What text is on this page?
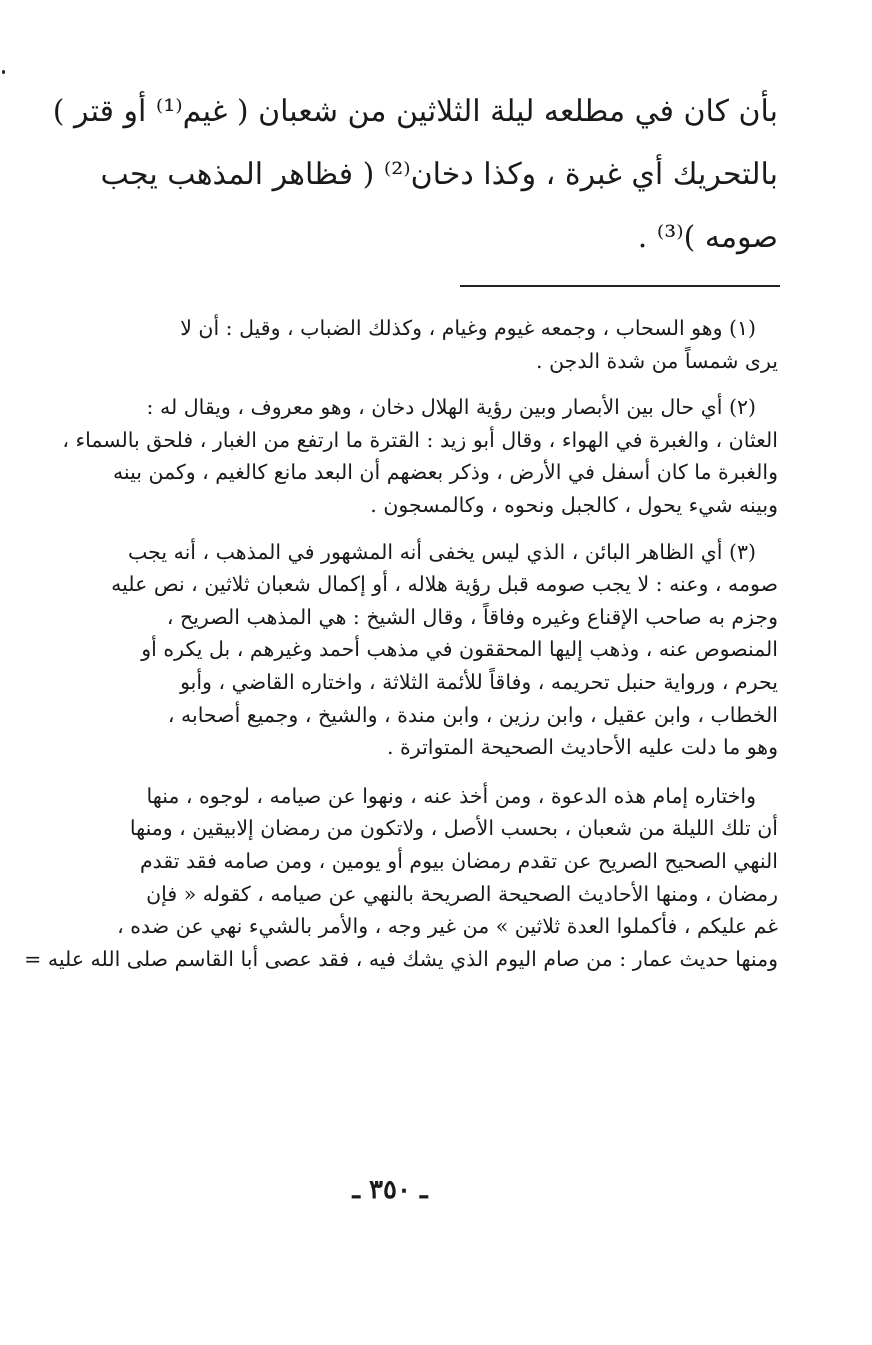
بأن كان في مطلعه ليلة الثلاثين من شعبان ( غيم⁽¹⁾ أو قتر )
بالتحريك أي غبرة ، وكذا دخان⁽²⁾ ( فظاهر المذهب يجب
صومه )⁽³⁾ .
(١) وهو السحاب ، وجمعه غيوم وغيام ، وكذلك الضباب ، وقيل : أن لا
يرى شمساً من شدة الدجن .
(٢) أي حال بين الأبصار وبين رؤية الهلال دخان ، وهو معروف ، ويقال له :
العثان ، والغبرة في الهواء ، وقال أبو زيد : القترة ما ارتفع من الغبار ، فلحق بالسماء ،
والغبرة ما كان أسفل في الأرض ، وذكر بعضهم أن البعد مانع كالغيم ، وكمن بينه
وبينه شيء يحول ، كالجبل ونحوه ، وكالمسجون .
(٣) أي الظاهر البائن ، الذي ليس يخفى أنه المشهور في المذهب ، أنه يجب
صومه ، وعنه : لا يجب صومه قبل رؤية هلاله ، أو إكمال شعبان ثلاثين ، نص عليه
وجزم به صاحب الإقناع وغيره وفاقاً ، وقال الشيخ : هي المذهب الصريح ،
المنصوص عنه ، وذهب إليها المحققون في مذهب أحمد وغيرهم ، بل يكره أو
يحرم ، ورواية حنبل تحريمه ، وفاقاً للأئمة الثلاثة ، واختاره القاضي ، وأبو
الخطاب ، وابن عقيل ، وابن رزين ، وابن مندة ، والشيخ ، وجميع أصحابه ،
وهو ما دلت عليه الأحاديث الصحيحة المتواترة .
واختاره إمام هذه الدعوة ، ومن أخذ عنه ، ونهوا عن صيامه ، لوجوه ، منها
أن تلك الليلة من شعبان ، بحسب الأصل ، ولاتكون من رمضان إلابيقين ، ومنها
النهي الصحيح الصريح عن تقدم رمضان بيوم أو يومين ، ومن صامه فقد تقدم
رمضان ، ومنها الأحاديث الصحيحة الصريحة بالنهي عن صيامه ، كقوله « فإن
غم عليكم ، فأكملوا العدة ثلاثين » من غير وجه ، والأمر بالشيء نهي عن ضده ،
ومنها حديث عمار : من صام اليوم الذي يشك فيه ، فقد عصى أبا القاسم صلى الله عليه =
ـ ٣٥٠ ـ
